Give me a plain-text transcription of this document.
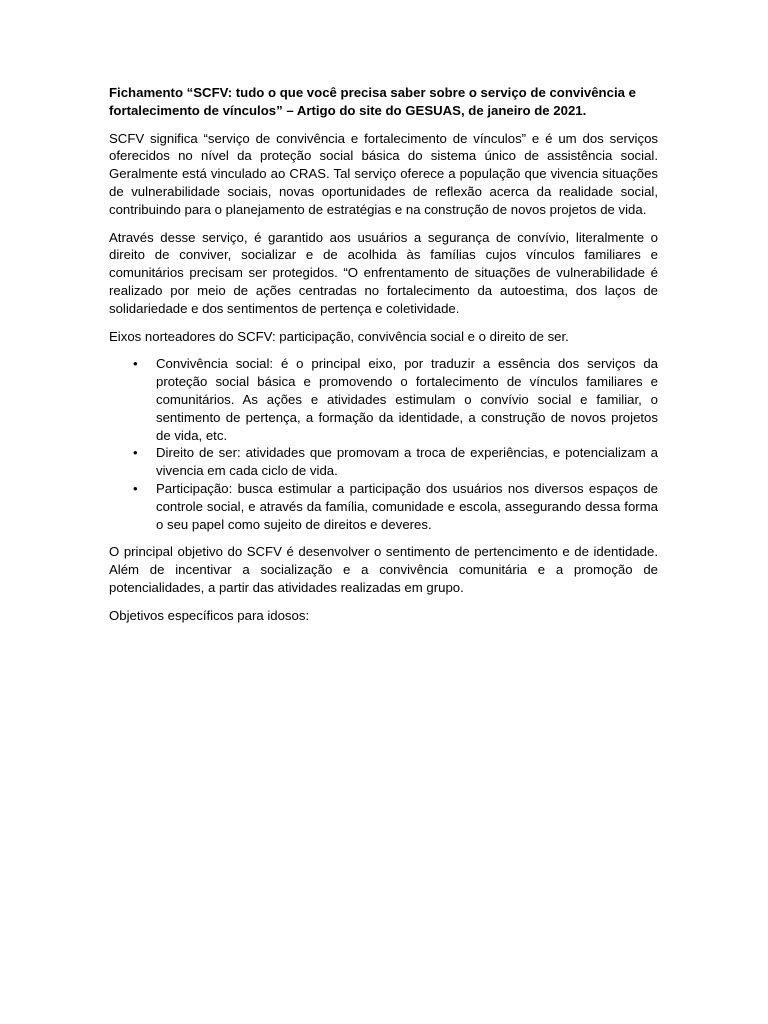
Fichamento “SCFV: tudo o que você precisa saber sobre o serviço de convivência e fortalecimento de vínculos” – Artigo do site do GESUAS, de janeiro de 2021.

SCFV significa “serviço de convivência e fortalecimento de vínculos” e é um dos serviços oferecidos no nível da proteção social básica do sistema único de assistência social. Geralmente está vinculado ao CRAS. Tal serviço oferece a população que vivencia situações de vulnerabilidade sociais, novas oportunidades de reflexão acerca da realidade social, contribuindo para o planejamento de estratégias e na construção de novos projetos de vida.

Através desse serviço, é garantido aos usuários a segurança de convívio, literalmente o direito de conviver, socializar e de acolhida às famílias cujos vínculos familiares e comunitários precisam ser protegidos. “O enfrentamento de situações de vulnerabilidade é realizado por meio de ações centradas no fortalecimento da autoestima, dos laços de solidariedade e dos sentimentos de pertença e coletividade.

Eixos norteadores do SCFV: participação, convivência social e o direito de ser.

• Convivência social: é o principal eixo, por traduzir a essência dos serviços da proteção social básica e promovendo o fortalecimento de vínculos familiares e comunitários. As ações e atividades estimulam o convívio social e familiar, o sentimento de pertença, a formação da identidade, a construção de novos projetos de vida, etc.
• Direito de ser: atividades que promovam a troca de experiências, e potencializam a vivencia em cada ciclo de vida.
• Participação: busca estimular a participação dos usuários nos diversos espaços de controle social, e através da família, comunidade e escola, assegurando dessa forma o seu papel como sujeito de direitos e deveres.

O principal objetivo do SCFV é desenvolver o sentimento de pertencimento e de identidade. Além de incentivar a socialização e a convivência comunitária e a promoção de potencialidades, a partir das atividades realizadas em grupo.

Objetivos específicos para idosos:
